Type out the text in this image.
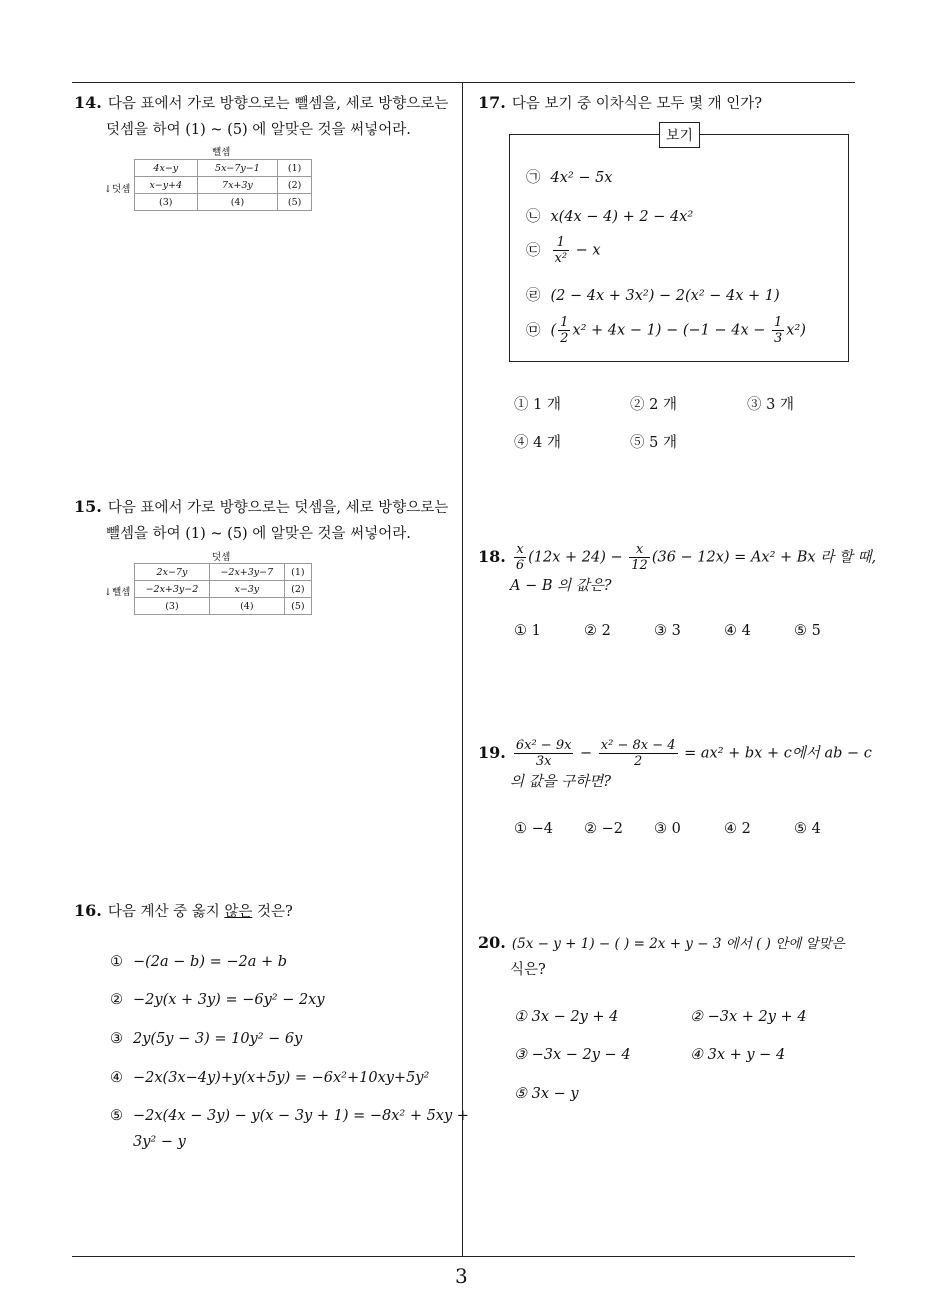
14. 다음 표에서 가로 방향으로는 뺄셈을, 세로 방향으로는
덧셈을 하여 (1) ~ (5) 에 알맞은 것을 써넣어라.
뺄셈
↓덧셈
4x−y	5x−7y−1	(1)
x−y+4	7x+3y	(2)
(3)	(4)	(5)
15. 다음 표에서 가로 방향으로는 덧셈을, 세로 방향으로는
뺄셈을 하여 (1) ~ (5) 에 알맞은 것을 써넣어라.
덧셈
↓뺄셈
2x−7y	−2x+3y−7	(1)
−2x+3y−2	x−3y	(2)
(3)	(4)	(5)
16. 다음 계산 중 옳지 않은 것은?
① −(2a − b) = −2a + b
② −2y(x + 3y) = −6y² − 2xy
③ 2y(5y − 3) = 10y² − 6y
④ −2x(3x−4y)+y(x+5y) = −6x²+10xy+5y²
⑤ −2x(4x − 3y) − y(x − 3y + 1) = −8x² + 5xy +
3y² − y
17. 다음 보기 중 이차식은 모두 몇 개 인가?
보기
㉠ 4x² − 5x
㉡ x(4x − 4) + 2 − 4x²
㉢ $\frac{1}{\text{x²}} - x$
㉣ (2 − 4x + 3x²) − 2(x² − 4x + 1)
㉤ ( $\frac{1}{2} x^2 + 4x - 1) - (-1 - 4x - \frac{1}{3} x^2)$
① 1 개	② 2 개	③ 3 개
④ 4 개	⑤ 5 개
18. $\frac{x}{6} (12x + 24) - \frac{x}{12} (36 - 12x) = Ax^2 + Bx$ 라 할 때,
A − B 의 값은?
① 1	② 2	③ 3	④ 4	⑤ 5
19. $\frac{\text{6x² − 9x}}{3x} - \frac{\text{x² − 8x − 4}}{2} = ax^2$ + bx + c에서 ab − c
의 값을 구하면?
① −4 ② −2 ③ 0	④ 2	⑤ 4
20. (5x − y + 1) − ( ) = 2x + y − 3 에서 ( ) 안에 알맞은
식은?
① 3x − 2y + 4	② −3x + 2y + 4
③ −3x − 2y − 4	④ 3x + y − 4
⑤ 3x − y
3
